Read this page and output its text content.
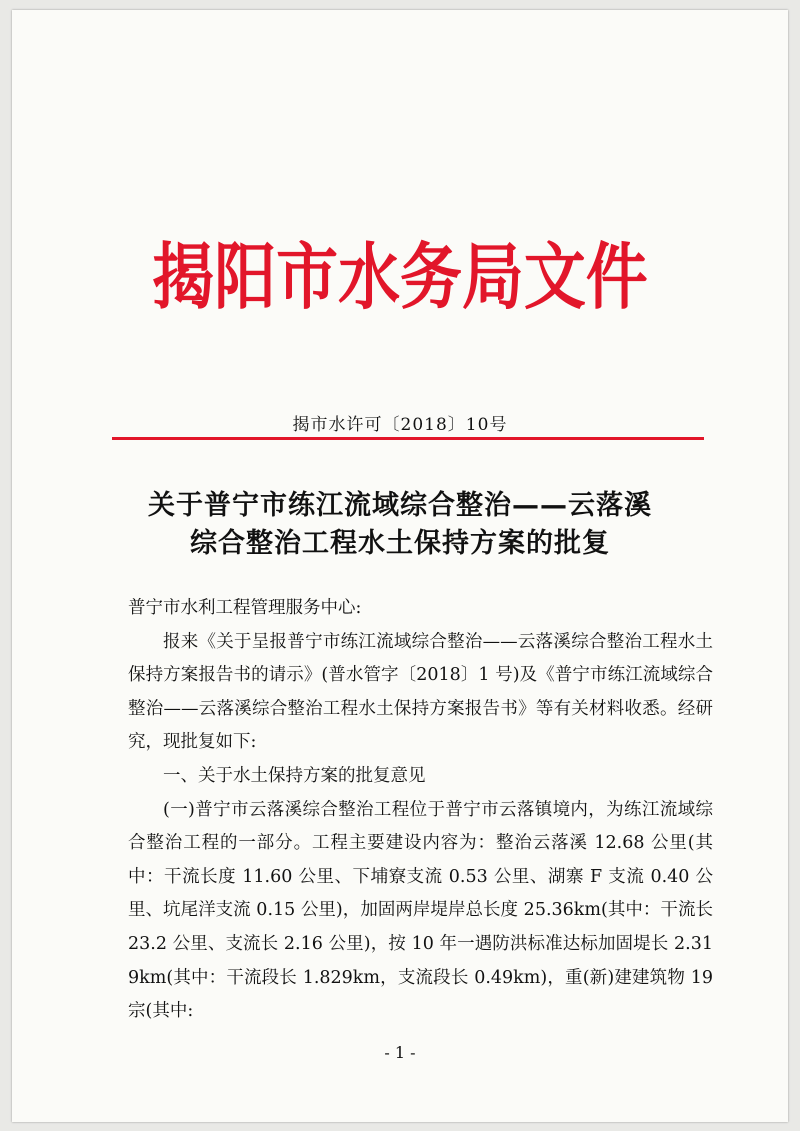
揭阳市水务局文件
揭市水许可〔2018〕10号
关于普宁市练江流域综合整治——云落溪
综合整治工程水土保持方案的批复

普宁市水利工程管理服务中心:

报来《关于呈报普宁市练江流域综合整治——云落溪综合整治工程水土保持方案报告书的请示》(普水管字〔2018〕1 号)及《普宁市练江流域综合整治——云落溪综合整治工程水土保持方案报告书》等有关材料收悉。经研究，现批复如下:

一、关于水土保持方案的批复意见

(一)普宁市云落溪综合整治工程位于普宁市云落镇境内，为练江流域综合整治工程的一部分。工程主要建设内容为：整治云落溪 12.68 公里(其中：干流长度 11.60 公里、下埔寮支流 0.53 公里、湖寨 F 支流 0.40 公里、坑尾洋支流 0.15 公里)，加固两岸堤岸总长度 25.36km(其中：干流长 23.2 公里、支流长 2.16 公里)，按 10 年一遇防洪标准达标加固堤长 2.319km(其中：干流段长 1.829km，支流段长 0.49km)，重(新)建建筑物 19 宗(其中:

- 1 -
